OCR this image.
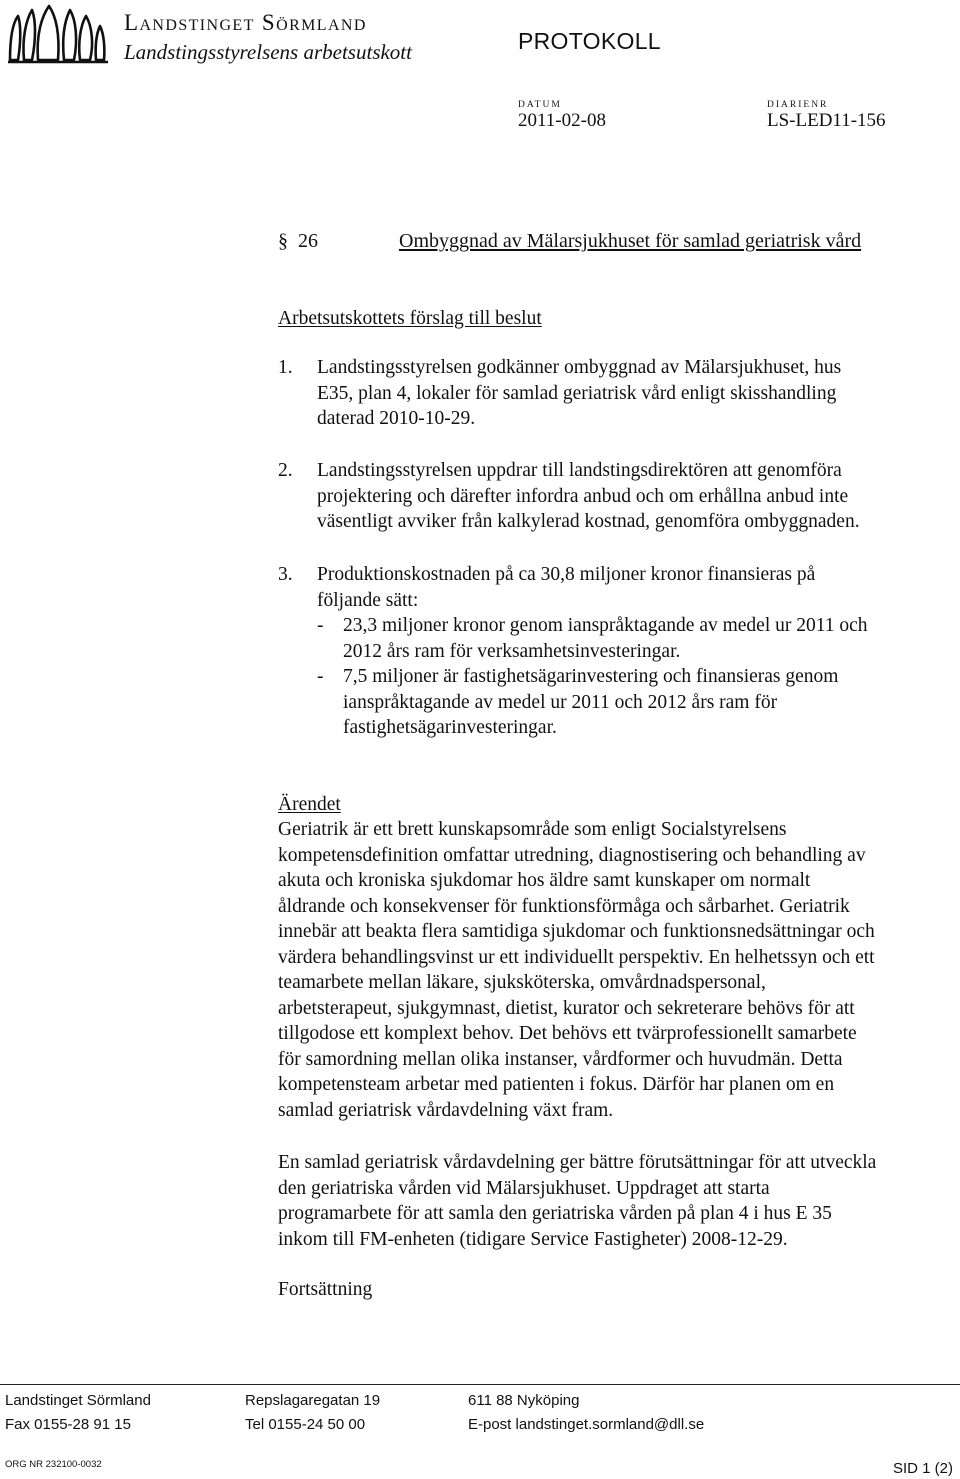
Landstinget Sörmland
Landstingsstyrelsens arbetsutskott	PROTOKOLL
DATUM
2011-02-08
DIARIENR
LS-LED11-156
§ 26	Ombyggnad av Mälarsjukhuset för samlad geriatrisk vård
Arbetsutskottets förslag till beslut
1. Landstingsstyrelsen godkänner ombyggnad av Mälarsjukhuset, hus
E35, plan 4, lokaler för samlad geriatrisk vård enligt skisshandling
daterad 2010-10-29.
2. Landstingsstyrelsen uppdrar till landstingsdirektören att genomföra
projektering och därefter infordra anbud och om erhållna anbud inte
väsentligt avviker från kalkylerad kostnad, genomföra ombyggnaden.
3. Produktionskostnaden på ca 30,8 miljoner kronor finansieras på
följande sätt:
- 23,3 miljoner kronor genom ianspråktagande av medel ur 2011 och
2012 års ram för verksamhetsinvesteringar.
- 7,5 miljoner är fastighetsägarinvestering och finansieras genom
ianspråktagande av medel ur 2011 och 2012 års ram för
fastighetsägarinvesteringar.
Ärendet
Geriatrik är ett brett kunskapsområde som enligt Socialstyrelsens
kompetensdefinition omfattar utredning, diagnostisering och behandling av
akuta och kroniska sjukdomar hos äldre samt kunskaper om normalt
åldrande och konsekvenser för funktionsförmåga och sårbarhet. Geriatrik
innebär att beakta flera samtidiga sjukdomar och funktionsnedsättningar och
värdera behandlingsvinst ur ett individuellt perspektiv. En helhetssyn och ett
teamarbete mellan läkare, sjuksköterska, omvårdnadspersonal,
arbetsterapeut, sjukgymnast, dietist, kurator och sekreterare behövs för att
tillgodose ett komplext behov. Det behövs ett tvärprofessionellt samarbete
för samordning mellan olika instanser, vårdformer och huvudmän. Detta
kompetensteam arbetar med patienten i fokus. Därför har planen om en
samlad geriatrisk vårdavdelning växt fram.
En samlad geriatrisk vårdavdelning ger bättre förutsättningar för att utveckla
den geriatriska vården vid Mälarsjukhuset. Uppdraget att starta
programarbete för att samla den geriatriska vården på plan 4 i hus E 35
inkom till FM-enheten (tidigare Service Fastigheter) 2008-12-29.
Fortsättning
Landstinget Sörmland	Repslagaregatan 19	611 88 Nyköping
Fax 0155-28 91 15	Tel 0155-24 50 00	E-post landstinget.sormland@dll.se
ORG NR 232100-0032	SID 1 (2)
